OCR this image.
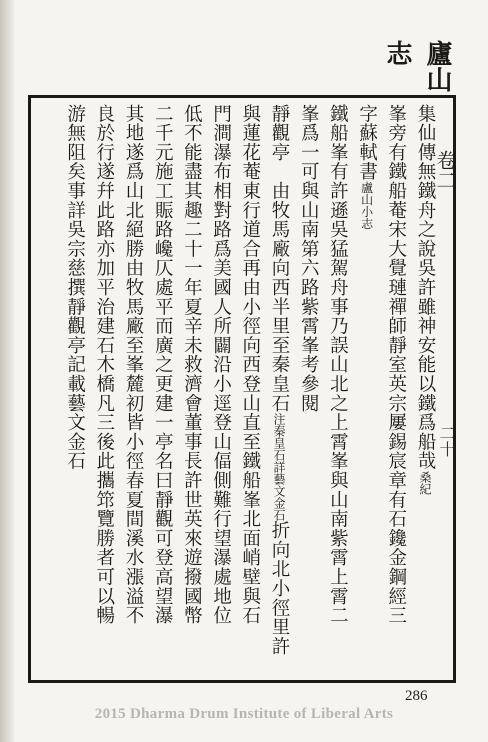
廬山志
卷二
二十
集仙傳無鐵舟之說吳許雖神安能以鐵爲船哉桑紀
峯旁有鐵船菴宋大覺璉禪師靜室英宗屢錫宸章有石鑱金鋼經三
字蘇軾書盧山小志
鐵船峯有許遜吳猛駕舟事乃誤山北之上霄峯與山南紫霄上霄二
峯爲一可與山南第六路紫霄峯考參閱
靜觀亭　由牧馬廠向西半里至秦皇石注秦皇石詳藝文金石折向北小徑里許
與蓮花菴東行道合再由小徑向西登山直至鐵船峯北面峭壁與石
門澗瀑布相對路爲美國人所闢沿小逕登山偪側難行望瀑處地位
低不能盡其趣二十一年夏辛未救濟會董事長許世英來遊撥國幣
二千元施工賑路巉仄處平而廣之更建一亭名曰靜觀可登高望瀑
其地遂爲山北絕勝由牧馬廠至峯麓初皆小徑春夏間溪水漲溢不
良於行遂幷此路亦加平治建石木橋凡三後此攜筇覽勝者可以暢
游無阻矣事詳吳宗慈撰靜觀亭記載藝文金石
286
2015 Dharma Drum Institute of Liberal Arts
